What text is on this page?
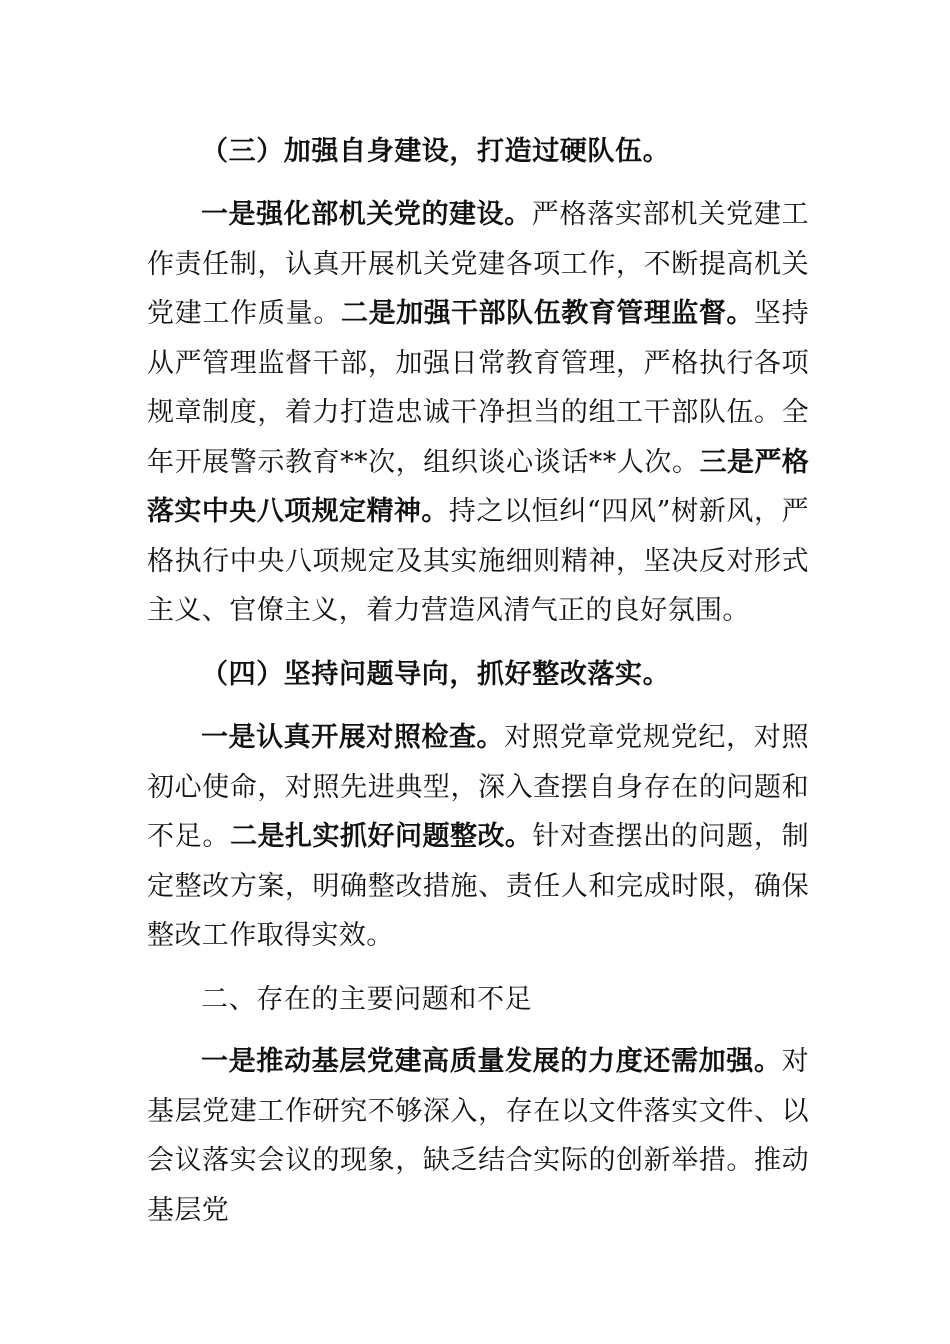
（三）加强自身建设，打造过硬队伍。

一是强化部机关党的建设。严格落实部机关党建工作责任制，认真开展机关党建各项工作，不断提高机关党建工作质量。二是加强干部队伍教育管理监督。坚持从严管理监督干部，加强日常教育管理，严格执行各项规章制度，着力打造忠诚干净担当的组工干部队伍。全年开展警示教育**次，组织谈心谈话**人次。三是严格落实中央八项规定精神。持之以恒纠“四风”树新风，严格执行中央八项规定及其实施细则精神，坚决反对形式主义、官僚主义，着力营造风清气正的良好氛围。

（四）坚持问题导向，抓好整改落实。

一是认真开展对照检查。对照党章党规党纪，对照初心使命，对照先进典型，深入查摆自身存在的问题和不足。二是扎实抓好问题整改。针对查摆出的问题，制定整改方案，明确整改措施、责任人和完成时限，确保整改工作取得实效。

二、存在的主要问题和不足

一是推动基层党建高质量发展的力度还需加强。对基层党建工作研究不够深入，存在以文件落实文件、以会议落实会议的现象，缺乏结合实际的创新举措。推动基层党
